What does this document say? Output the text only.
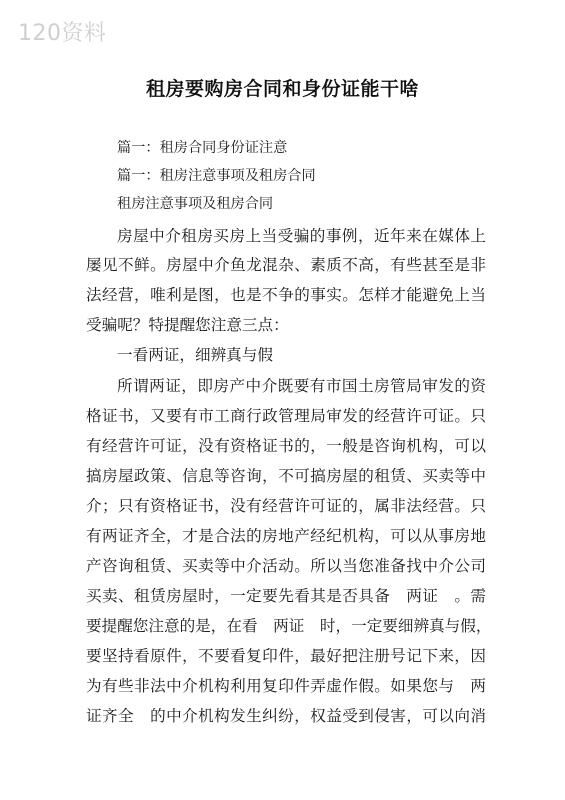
120资料
租房要购房合同和身份证能干啥
篇一：租房合同身份证注意
篇一：租房注意事项及租房合同
租房注意事项及租房合同
房屋中介租房买房上当受骗的事例，近年来在媒体上
屡见不鲜。房屋中介鱼龙混杂、素质不高，有些甚至是非
法经营，唯利是图，也是不争的事实。怎样才能避免上当
受骗呢？特提醒您注意三点：
一看两证，细辨真与假
所谓两证，即房产中介既要有市国土房管局审发的资
格证书，又要有市工商行政管理局审发的经营许可证。只
有经营许可证，没有资格证书的，一般是咨询机构，可以
搞房屋政策、信息等咨询，不可搞房屋的租赁、买卖等中
介；只有资格证书，没有经营许可证的，属非法经营。只
有两证齐全，才是合法的房地产经纪机构，可以从事房地
产咨询租赁、买卖等中介活动。所以当您准备找中介公司
买卖、租赁房屋时，一定要先看其是否具备　两证　。需
要提醒您注意的是，在看　两证　时，一定要细辨真与假，
要坚持看原件，不要看复印件，最好把注册号记下来，因
为有些非法中介机构利用复印件弄虚作假。如果您与　两
证齐全　的中介机构发生纠纷，权益受到侵害，可以向消
